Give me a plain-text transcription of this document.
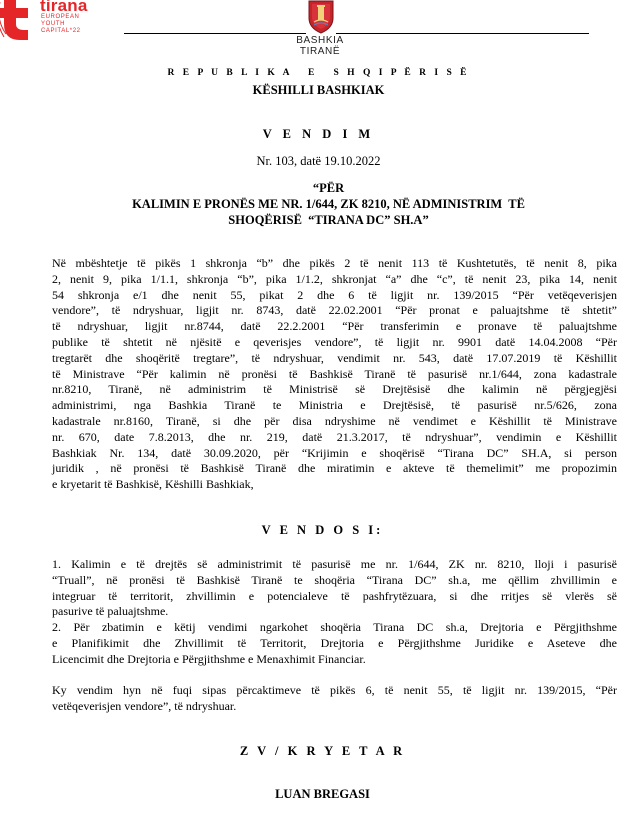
tirana
EUROPEAN
YOUTH
CAPITAL*22
BASHKIA
TIRANË
R E P U B L I K A   E   S H Q I P Ë R I S Ë
KËSHILLI BASHKIAK
V E N D I M
Nr. 103, datë 19.10.2022
“PËR
KALIMIN E PRONËS ME NR. 1/644, ZK 8210, NË ADMINISTRIM  TË
SHOQËRISË  “TIRANA DC” SH.A”
Në mbështetje të pikës 1 shkronja “b” dhe pikës 2 të nenit 113 të Kushtetutës, të nenit 8, pika
2, nenit 9, pika 1/1.1, shkronja “b”, pika 1/1.2, shkronjat “a” dhe “c”, të nenit 23, pika 14, nenit
54 shkronja e/1 dhe nenit 55, pikat 2 dhe 6 të ligjit nr. 139/2015 “Për vetëqeverisjen
vendore”, të ndryshuar, ligjit nr. 8743, datë 22.02.2001 “Për pronat e paluajtshme të shtetit”
të ndryshuar, ligjit nr.8744, datë 22.2.2001 “Për transferimin e pronave të paluajtshme
publike të shtetit në njësitë e qeverisjes vendore”, të ligjit nr. 9901 datë 14.04.2008 “Për
tregtarët dhe shoqëritë tregtare”, të ndryshuar, vendimit nr. 543, datë 17.07.2019 të Këshillit
të Ministrave “Për kalimin në pronësi të Bashkisë Tiranë të pasurisë nr.1/644, zona kadastrale
nr.8210, Tiranë, në administrim të Ministrisë së Drejtësisë dhe kalimin në përgjegjësi
administrimi, nga Bashkia Tiranë te Ministria e Drejtësisë, të pasurisë nr.5/626, zona
kadastrale nr.8160, Tiranë, si dhe për disa ndryshime në vendimet e Këshillit të Ministrave
nr. 670, date 7.8.2013, dhe nr. 219, datë 21.3.2017, të ndryshuar”, vendimin e Këshillit
Bashkiak Nr. 134, datë 30.09.2020, për “Krijimin e shoqërisë “Tirana DC” SH.A, si person
juridik , në pronësi të Bashkisë Tiranë dhe miratimin e akteve të themelimit” me propozimin
e kryetarit të Bashkisë, Këshilli Bashkiak,
V E N D O S I:
1. Kalimin e të drejtës së administrimit të pasurisë me nr. 1/644, ZK nr. 8210, lloji i pasurisë
“Truall”, në pronësi të Bashkisë Tiranë te shoqëria “Tirana DC” sh.a, me qëllim zhvillimin e
integruar të territorit, zhvillimin e potencialeve të pashfrytëzuara, si dhe rritjes së vlerës së
pasurive të paluajtshme.
2. Për zbatimin e këtij vendimi ngarkohet shoqëria Tirana DC sh.a, Drejtoria e Përgjithshme
e Planifikimit dhe Zhvillimit të Territorit, Drejtoria e Përgjithshme Juridike e Aseteve dhe
Licencimit dhe Drejtoria e Përgjithshme e Menaxhimit Financiar.
Ky vendim hyn në fuqi sipas përcaktimeve të pikës 6, të nenit 55, të ligjit nr. 139/2015, “Për
vetëqeverisjen vendore”, të ndryshuar.
Z V / K R Y E T A R
LUAN BREGASI
